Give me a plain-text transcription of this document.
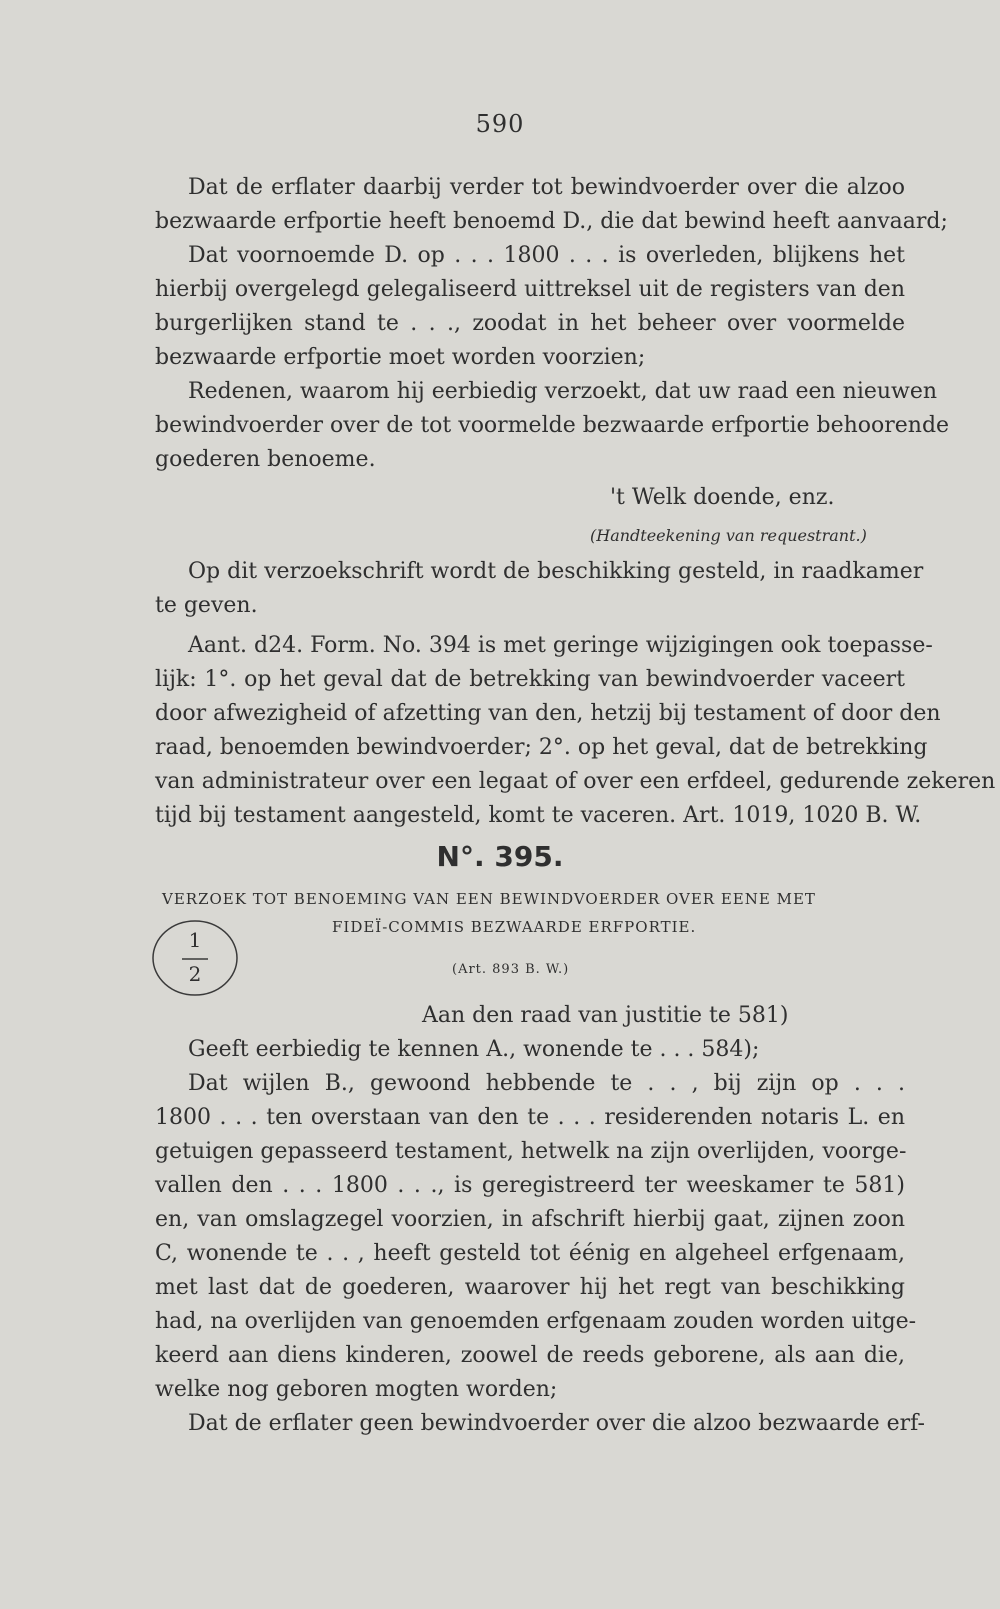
590
Dat de erflater daarbij verder tot bewindvoerder over die alzoo
bezwaarde erfportie heeft benoemd D., die dat bewind heeft aanvaard;
Dat voornoemde D. op . . . 1800 . . . is overleden, blijkens het
hierbij overgelegd gelegaliseerd uittreksel uit de registers van den
burgerlijken stand te . . ., zoodat in het beheer over voormelde
bezwaarde erfportie moet worden voorzien;
Redenen, waarom hij eerbiedig verzoekt, dat uw raad een nieuwen
bewindvoerder over de tot voormelde bezwaarde erfportie behoorende
goederen benoeme.
't Welk doende, enz.
(Handteekening van requestrant.)
Op dit verzoekschrift wordt de beschikking gesteld, in raadkamer
te geven.
Aant. d24. Form. No. 394 is met geringe wijzigingen ook toepasse-
lijk: 1°. op het geval dat de betrekking van bewindvoerder vaceert
door afwezigheid of afzetting van den, hetzij bij testament of door den
raad, benoemden bewindvoerder; 2°. op het geval, dat de betrekking
van administrateur over een legaat of over een erfdeel, gedurende zekeren
tijd bij testament aangesteld, komt te vaceren. Art. 1019, 1020 B. W.
N°. 395.
VERZOEK TOT BENOEMING VAN EEN BEWINDVOERDER OVER EENE MET
FIDEÏ-COMMIS BEZWAARDE ERFPORTIE.
(Art. 893 B. W.)
1
2
Aan den raad van justitie te 581)
Geeft eerbiedig te kennen A., wonende te . . . 584);
Dat wijlen B., gewoond hebbende te . . , bij zijn op . . .
1800 . . . ten overstaan van den te . . . residerenden notaris L. en
getuigen gepasseerd testament, hetwelk na zijn overlijden, voorge-
vallen den . . . 1800 . . ., is geregistreerd ter weeskamer te 581)
en, van omslagzegel voorzien, in afschrift hierbij gaat, zijnen zoon
C, wonende te . . , heeft gesteld tot éénig en algeheel erfgenaam,
met last dat de goederen, waarover hij het regt van beschikking
had, na overlijden van genoemden erfgenaam zouden worden uitge-
keerd aan diens kinderen, zoowel de reeds geborene, als aan die,
welke nog geboren mogten worden;
Dat de erflater geen bewindvoerder over die alzoo bezwaarde erf-
